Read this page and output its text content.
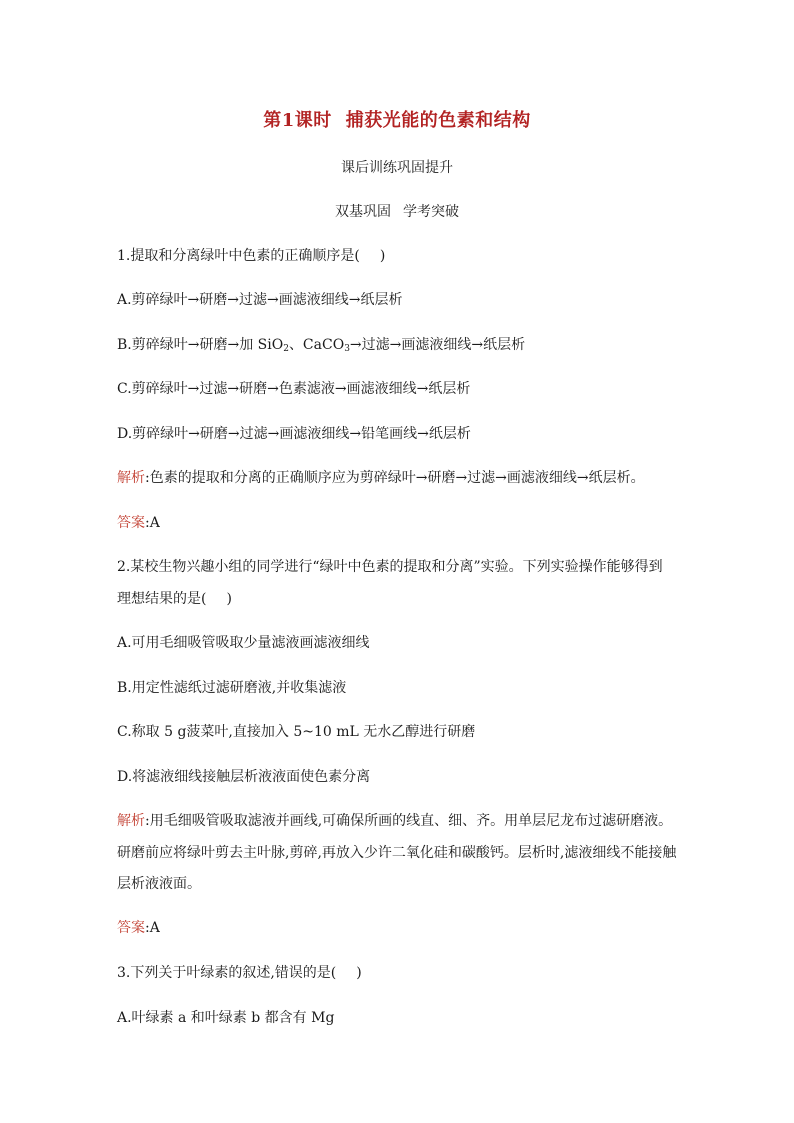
第1课时 捕获光能的色素和结构
课后训练巩固提升
双基巩固 学考突破
1.提取和分离绿叶中色素的正确顺序是( )
A.剪碎绿叶→研磨→过滤→画滤液细线→纸层析
B.剪碎绿叶→研磨→加 SiO$_2$、CaCO$_3$→过滤→画滤液细线→纸层析
C.剪碎绿叶→过滤→研磨→色素滤液→画滤液细线→纸层析
D.剪碎绿叶→研磨→过滤→画滤液细线→铅笔画线→纸层析
解析:色素的提取和分离的正确顺序应为剪碎绿叶→研磨→过滤→画滤液细线→纸层析。
答案:A
2.某校生物兴趣小组的同学进行“绿叶中色素的提取和分离”实验。下列实验操作能够得到
理想结果的是( )
A.可用毛细吸管吸取少量滤液画滤液细线
B.用定性滤纸过滤研磨液,并收集滤液
C.称取 5 g菠菜叶,直接加入 5~10 mL 无水乙醇进行研磨
D.将滤液细线接触层析液液面使色素分离
解析:用毛细吸管吸取滤液并画线,可确保所画的线直、细、齐。用单层尼龙布过滤研磨液。
研磨前应将绿叶剪去主叶脉,剪碎,再放入少许二氧化硅和碳酸钙。层析时,滤液细线不能接触
层析液液面。
答案:A
3.下列关于叶绿素的叙述,错误的是( )
A.叶绿素 a 和叶绿素 b 都含有 Mg
